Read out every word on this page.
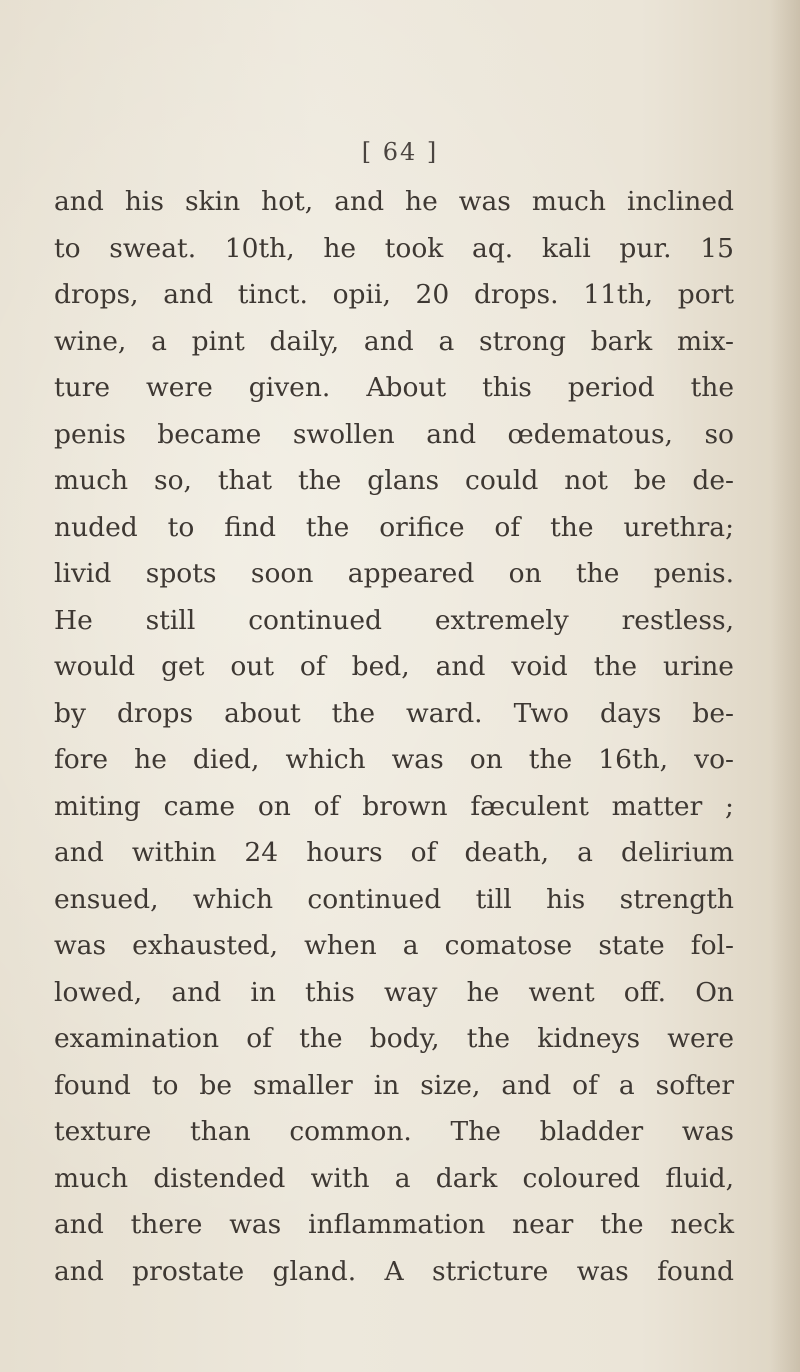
[ 64 ]
and his skin hot, and he was much inclined
to sweat. 10th, he took aq. kali pur. 15
drops, and tinct. opii, 20 drops. 11th, port
wine, a pint daily, and a strong bark mix-
ture were given. About this period the
penis became swollen and œdematous, so
much so, that the glans could not be de-
nuded to find the orifice of the urethra;
livid spots soon appeared on the penis.
He still continued extremely restless,
would get out of bed, and void the urine
by drops about the ward. Two days be-
fore he died, which was on the 16th, vo-
miting came on of brown fæculent matter ;
and within 24 hours of death, a delirium
ensued, which continued till his strength
was exhausted, when a comatose state fol-
lowed, and in this way he went off. On
examination of the body, the kidneys were
found to be smaller in size, and of a softer
texture than common. The bladder was
much distended with a dark coloured fluid,
and there was inflammation near the neck
and prostate gland. A stricture was found
